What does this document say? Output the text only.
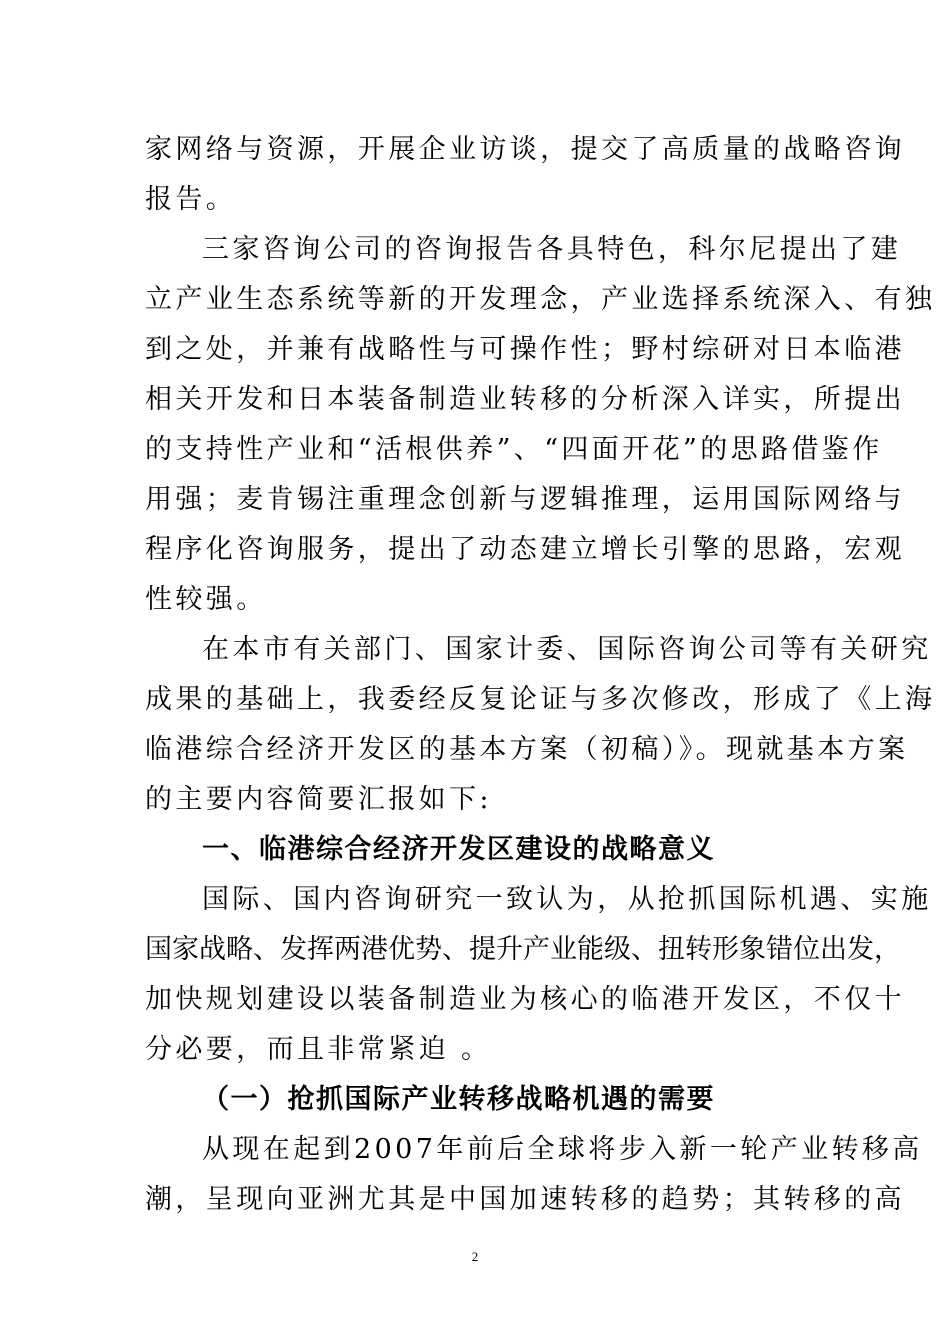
家网络与资源，开展企业访谈，提交了高质量的战略咨询
报告。
三家咨询公司的咨询报告各具特色，科尔尼提出了建
立产业生态系统等新的开发理念，产业选择系统深入、有独
到之处，并兼有战略性与可操作性；野村综研对日本临港
相关开发和日本装备制造业转移的分析深入详实，所提出
的支持性产业和“活根供养”、“四面开花”的思路借鉴作
用强；麦肯锡注重理念创新与逻辑推理，运用国际网络与
程序化咨询服务，提出了动态建立增长引擎的思路，宏观
性较强。
在本市有关部门、国家计委、国际咨询公司等有关研究
成果的基础上，我委经反复论证与多次修改，形成了《上海
临港综合经济开发区的基本方案（初稿）》。现就基本方案
的主要内容简要汇报如下:
一、临港综合经济开发区建设的战略意义
国际、国内咨询研究一致认为，从抢抓国际机遇、实施
国家战略、发挥两港优势、提升产业能级、扭转形象错位出发，
加快规划建设以装备制造业为核心的临港开发区，不仅十
分必要，而且非常紧迫 。
（一）抢抓国际产业转移战略机遇的需要
从现在起到2007年前后全球将步入新一轮产业转移高
潮，呈现向亚洲尤其是中国加速转移的趋势；其转移的高
2
